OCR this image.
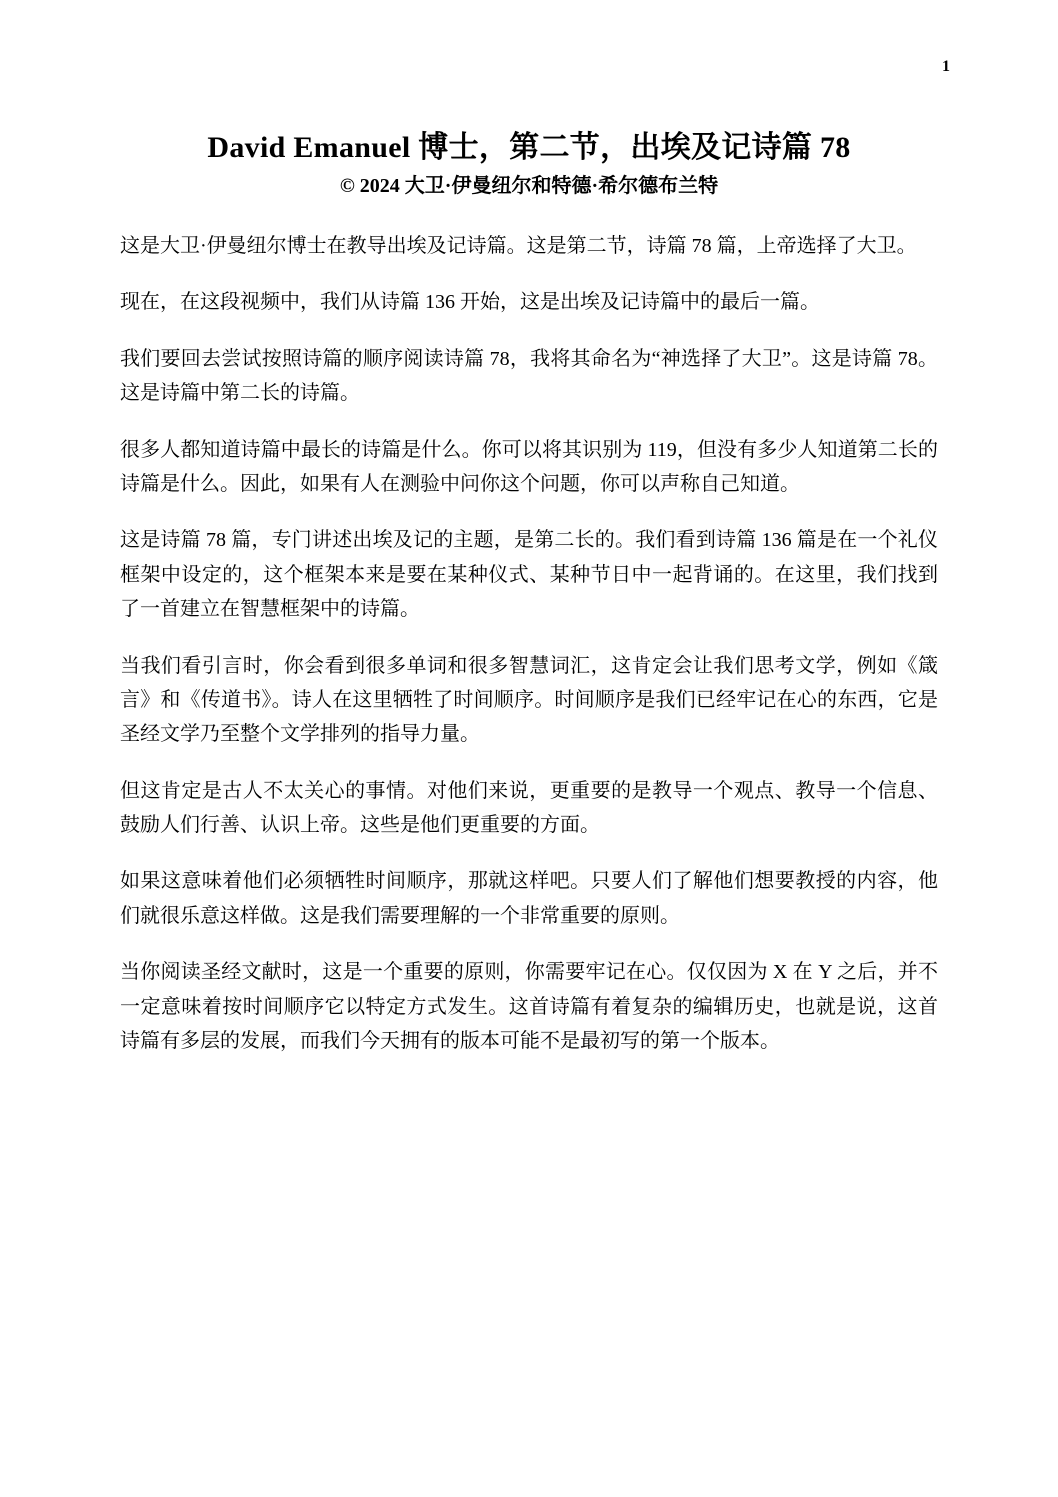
1
David Emanuel 博士，第二节，出埃及记诗篇 78
© 2024 大卫·伊曼纽尔和特德·希尔德布兰特

这是大卫·伊曼纽尔博士在教导出埃及记诗篇。这是第二节，诗篇 78 篇，上帝选择了大卫。

现在，在这段视频中，我们从诗篇 136 开始，这是出埃及记诗篇中的最后一篇。

我们要回去尝试按照诗篇的顺序阅读诗篇 78，我将其命名为“神选择了大卫”。这是诗篇 78。这是诗篇中第二长的诗篇。

很多人都知道诗篇中最长的诗篇是什么。你可以将其识别为 119，但没有多少人知道第二长的诗篇是什么。因此，如果有人在测验中问你这个问题，你可以声称自己知道。

这是诗篇 78 篇，专门讲述出埃及记的主题，是第二长的。我们看到诗篇 136 篇是在一个礼仪框架中设定的，这个框架本来是要在某种仪式、某种节日中一起背诵的。在这里，我们找到了一首建立在智慧框架中的诗篇。

当我们看引言时，你会看到很多单词和很多智慧词汇，这肯定会让我们思考文学，例如《箴言》和《传道书》。诗人在这里牺牲了时间顺序。时间顺序是我们已经牢记在心的东西，它是圣经文学乃至整个文学排列的指导力量。

但这肯定是古人不太关心的事情。对他们来说，更重要的是教导一个观点、教导一个信息、鼓励人们行善、认识上帝。这些是他们更重要的方面。

如果这意味着他们必须牺牲时间顺序，那就这样吧。只要人们了解他们想要教授的内容，他们就很乐意这样做。这是我们需要理解的一个非常重要的原则。

当你阅读圣经文献时，这是一个重要的原则，你需要牢记在心。仅仅因为 X 在 Y 之后，并不一定意味着按时间顺序它以特定方式发生。这首诗篇有着复杂的编辑历史，也就是说，这首诗篇有多层的发展，而我们今天拥有的版本可能不是最初写的第一个版本。
